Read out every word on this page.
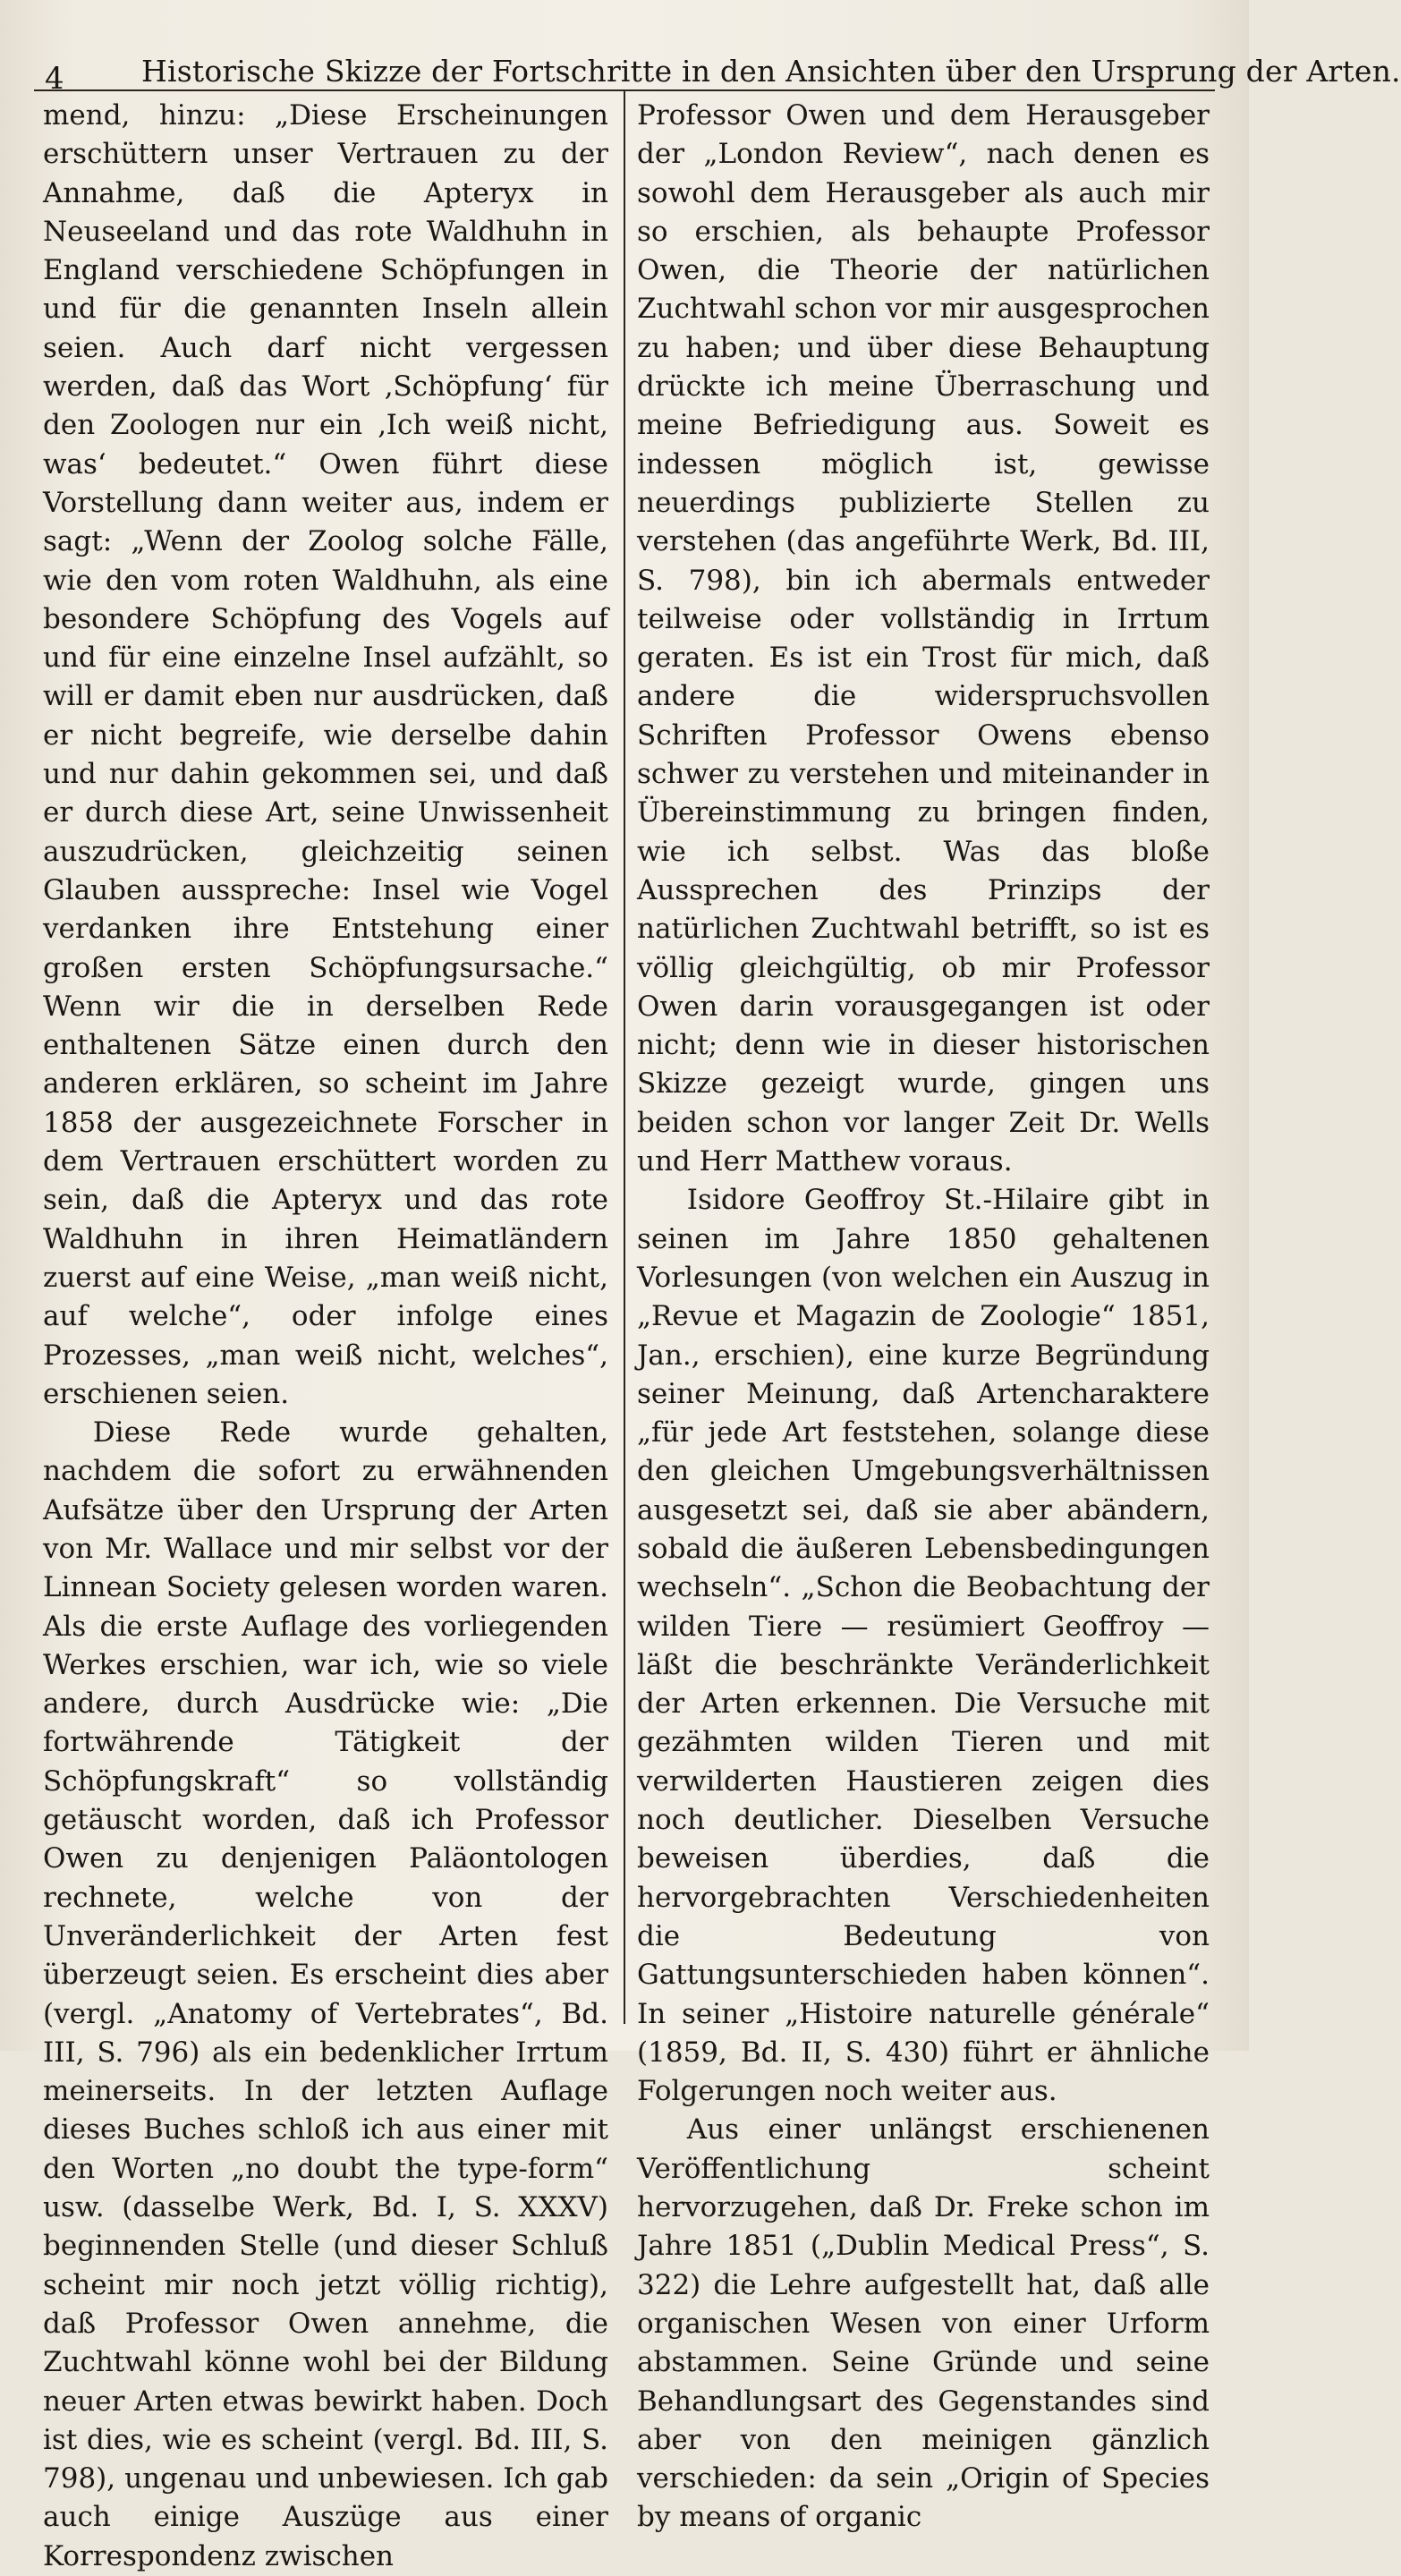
4	Historische Skizze der Fortschritte in den Ansichten über den Ursprung der Arten.

mend, hinzu: „Diese Erscheinungen erschüttern unser Vertrauen zu der Annahme, daß die Apteryx in Neuseeland und das rote Waldhuhn in England verschiedene Schöpfungen in und für die genannten Inseln allein seien. Auch darf nicht vergessen werden, daß das Wort ‚Schöpfung‘ für den Zoologen nur ein ‚Ich weiß nicht, was‘ bedeutet.“ Owen führt diese Vorstellung dann weiter aus, indem er sagt: „Wenn der Zoolog solche Fälle, wie den vom roten Waldhuhn, als eine besondere Schöpfung des Vogels auf und für eine einzelne Insel aufzählt, so will er damit eben nur ausdrücken, daß er nicht begreife, wie derselbe dahin und nur dahin gekommen sei, und daß er durch diese Art, seine Unwissenheit auszudrücken, gleichzeitig seinen Glauben ausspreche: Insel wie Vogel verdanken ihre Entstehung einer großen ersten Schöpfungsursache.“ Wenn wir die in derselben Rede enthaltenen Sätze einen durch den anderen erklären, so scheint im Jahre 1858 der ausgezeichnete Forscher in dem Vertrauen erschüttert worden zu sein, daß die Apteryx und das rote Waldhuhn in ihren Heimatländern zuerst auf eine Weise, „man weiß nicht, auf welche“, oder infolge eines Prozesses, „man weiß nicht, welches“, erschienen seien.

Diese Rede wurde gehalten, nachdem die sofort zu erwähnenden Aufsätze über den Ursprung der Arten von Mr. Wallace und mir selbst vor der Linnean Society gelesen worden waren. Als die erste Auflage des vorliegenden Werkes erschien, war ich, wie so viele andere, durch Ausdrücke wie: „Die fortwährende Tätigkeit der Schöpfungskraft“ so vollständig getäuscht worden, daß ich Professor Owen zu denjenigen Paläontologen rechnete, welche von der Unveränderlichkeit der Arten fest überzeugt seien. Es erscheint dies aber (vergl. „Anatomy of Vertebrates“, Bd. III, S. 796) als ein bedenklicher Irrtum meinerseits. In der letzten Auflage dieses Buches schloß ich aus einer mit den Worten „no doubt the type-form“ usw. (dasselbe Werk, Bd. I, S. XXXV) beginnenden Stelle (und dieser Schluß scheint mir noch jetzt völlig richtig), daß Professor Owen annehme, die Zuchtwahl könne wohl bei der Bildung neuer Arten etwas bewirkt haben. Doch ist dies, wie es scheint (vergl. Bd. III, S. 798), ungenau und unbewiesen. Ich gab auch einige Auszüge aus einer Korrespondenz zwischen

Professor Owen und dem Herausgeber der „London Review“, nach denen es sowohl dem Herausgeber als auch mir so erschien, als behaupte Professor Owen, die Theorie der natürlichen Zuchtwahl schon vor mir ausgesprochen zu haben; und über diese Behauptung drückte ich meine Überraschung und meine Befriedigung aus. Soweit es indessen möglich ist, gewisse neuerdings publizierte Stellen zu verstehen (das angeführte Werk, Bd. III, S. 798), bin ich abermals entweder teilweise oder vollständig in Irrtum geraten. Es ist ein Trost für mich, daß andere die widerspruchsvollen Schriften Professor Owens ebenso schwer zu verstehen und miteinander in Übereinstimmung zu bringen finden, wie ich selbst. Was das bloße Aussprechen des Prinzips der natürlichen Zuchtwahl betrifft, so ist es völlig gleichgültig, ob mir Professor Owen darin vorausgegangen ist oder nicht; denn wie in dieser historischen Skizze gezeigt wurde, gingen uns beiden schon vor langer Zeit Dr. Wells und Herr Matthew voraus.

Isidore Geoffroy St.-Hilaire gibt in seinen im Jahre 1850 gehaltenen Vorlesungen (von welchen ein Auszug in „Revue et Magazin de Zoologie“ 1851, Jan., erschien), eine kurze Begründung seiner Meinung, daß Artencharaktere „für jede Art feststehen, solange diese den gleichen Umgebungsverhältnissen ausgesetzt sei, daß sie aber abändern, sobald die äußeren Lebensbedingungen wechseln“. „Schon die Beobachtung der wilden Tiere — resümiert Geoffroy — läßt die beschränkte Veränderlichkeit der Arten erkennen. Die Versuche mit gezähmten wilden Tieren und mit verwilderten Haustieren zeigen dies noch deutlicher. Dieselben Versuche beweisen überdies, daß die hervorgebrachten Verschiedenheiten die Bedeutung von Gattungsunterschieden haben können“. In seiner „Histoire naturelle générale“ (1859, Bd. II, S. 430) führt er ähnliche Folgerungen noch weiter aus.

Aus einer unlängst erschienenen Veröffentlichung scheint hervorzugehen, daß Dr. Freke schon im Jahre 1851 („Dublin Medical Press“, S. 322) die Lehre aufgestellt hat, daß alle organischen Wesen von einer Urform abstammen. Seine Gründe und seine Behandlungsart des Gegenstandes sind aber von den meinigen gänzlich verschieden: da sein „Origin of Species by means of organic
